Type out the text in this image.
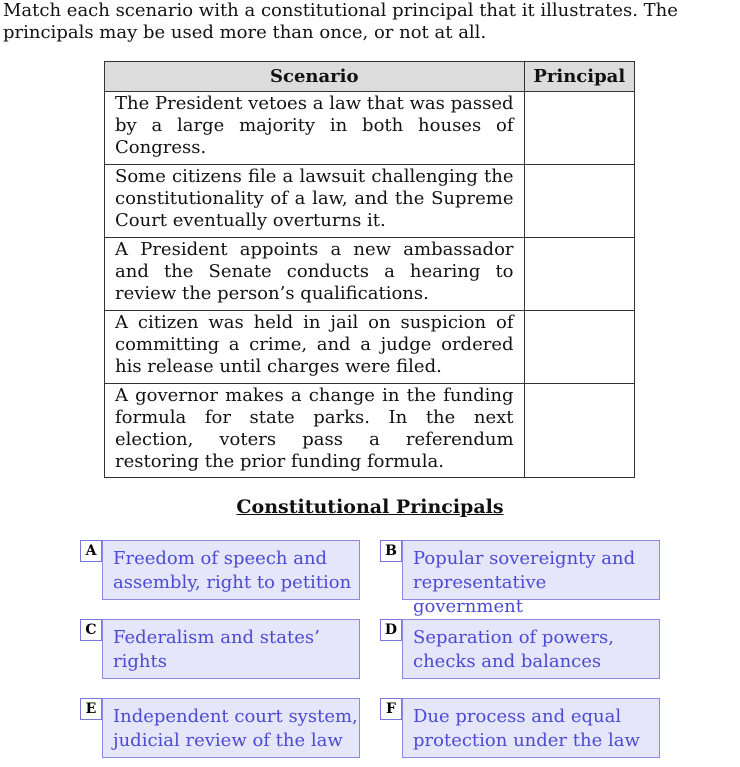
Match each scenario with a constitutional principal that it illustrates. The principals may be used more than once, or not at all.

Scenario	Principal
The President vetoes a law that was passed by a large majority in both houses of Congress.	
Some citizens file a lawsuit challenging the constitutionality of a law, and the Supreme Court eventually overturns it.	
A President appoints a new ambassador and the Senate conducts a hearing to review the person’s qualifications.	
A citizen was held in jail on suspicion of committing a crime, and a judge ordered his release until charges were filed.	
A governor makes a change in the funding formula for state parks. In the next election, voters pass a referendum restoring the prior funding formula.	

Constitutional Principals

A Freedom of speech and assembly, right to petition
B Popular sovereignty and representative government
C Federalism and states’ rights
D Separation of powers, checks and balances
E Independent court system, judicial review of the law
F Due process and equal protection under the law
